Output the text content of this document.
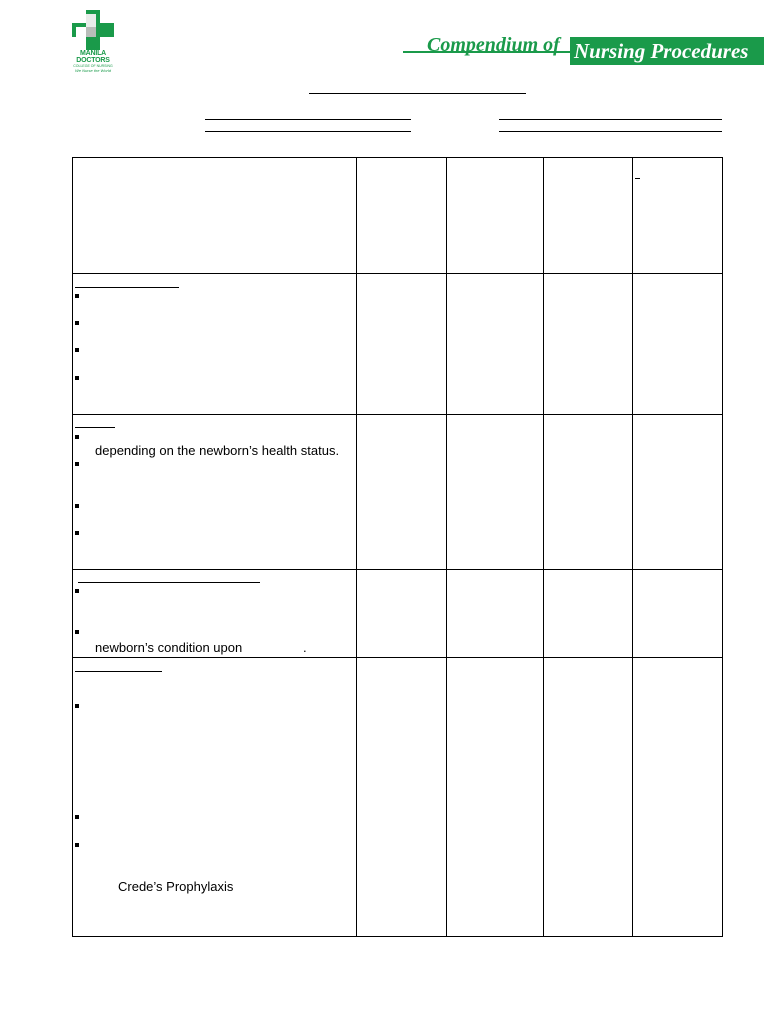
MANILA
DOCTORS
COLLEGE OF NURSING
We Nurse the World
Compendium of Nursing Procedures
depending on the newborn’s health status.
newborn’s condition upon	.
Crede’s Prophylaxis
